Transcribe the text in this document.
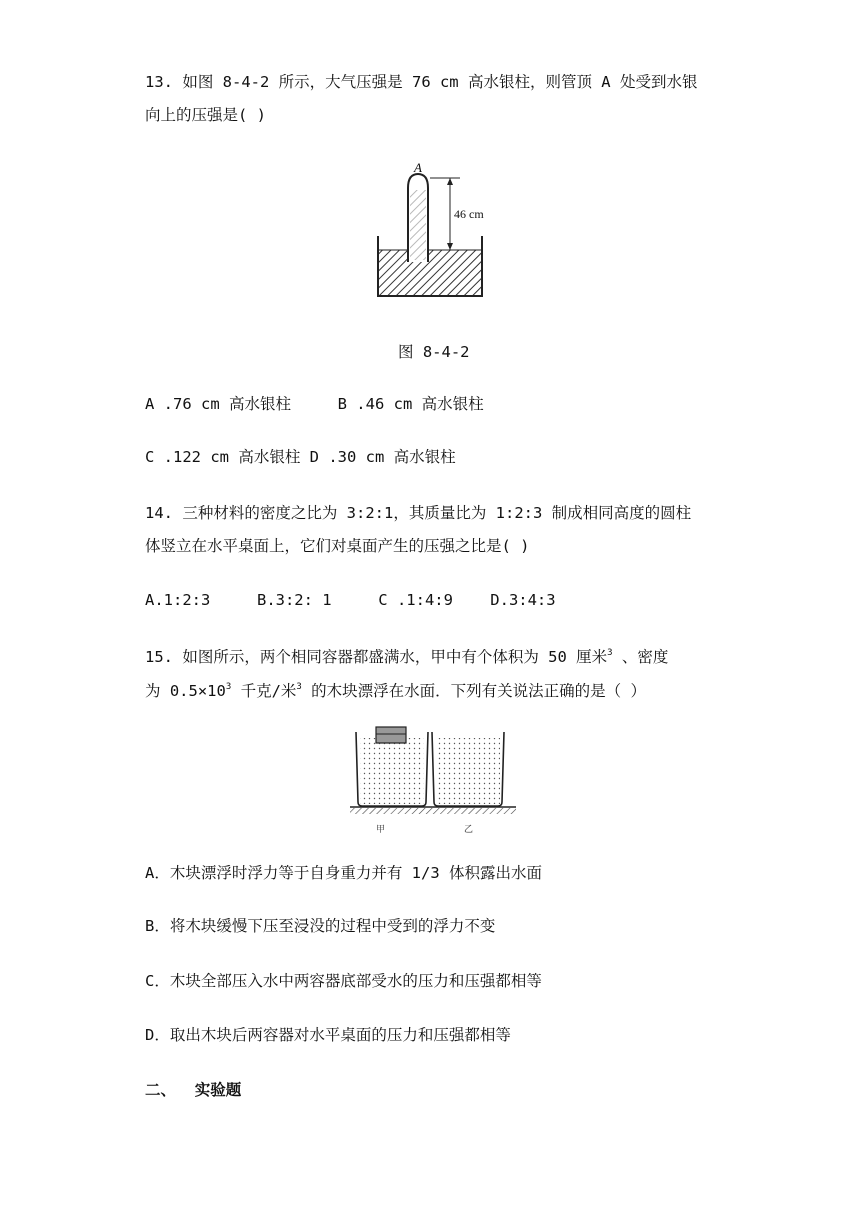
13. 如图 8-4-2 所示，大气压强是 76 cm 高水银柱，则管顶 A 处受到水银
向上的压强是( )
A
46 cm
图 8-4-2
A .76 cm 高水银柱     B .46 cm 高水银柱
C .122 cm 高水银柱 D .30 cm 高水银柱
14. 三种材料的密度之比为 3:2:1，其质量比为 1:2:3 制成相同高度的圆柱
体竖立在水平桌面上，它们对桌面产生的压强之比是( )
A.1:2:3     B.3:2: 1     C .1:4:9    D.3:4:3
15. 如图所示，两个相同容器都盛满水，甲中有个体积为 50 厘米$^3$ 、密度
为 $0.5\times 10^3$ 千克/米$^3$ 的木块漂浮在水面．下列有关说法正确的是（ ）
甲	乙
A．木块漂浮时浮力等于自身重力并有 1/3 体积露出水面
B．将木块缓慢下压至浸没的过程中受到的浮力不变
C．木块全部压入水中两容器底部受水的压力和压强都相等
D．取出木块后两容器对水平桌面的压力和压强都相等
二、 实验题
